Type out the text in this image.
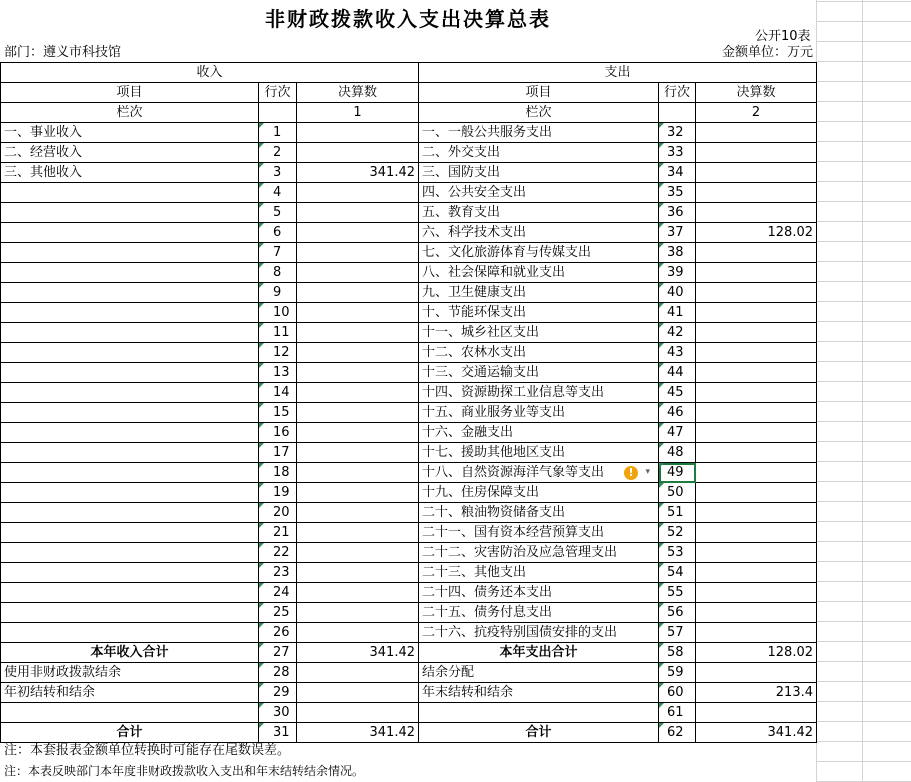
非财政拨款收入支出决算总表
公开10表
部门：遵义市科技馆	金额单位：万元
收入			支出		
项目	行次	决算数	项目	行次	决算数
栏次		1	栏次		2
一、事业收入	1		一、一般公共服务支出	32	
二、经营收入	2		二、外交支出	33	
三、其他收入	3	341.42	三、国防支出	34	
	4		四、公共安全支出	35	
	5		五、教育支出	36	
	6		六、科学技术支出	37	128.02
	7		七、文化旅游体育与传媒支出	38	
	8		八、社会保障和就业支出	39	
	9		九、卫生健康支出	40	
	10		十、节能环保支出	41	
	11		十一、城乡社区支出	42	
	12		十二、农林水支出	43	
	13		十三、交通运输支出	44	
	14		十四、资源勘探工业信息等支出	45	
	15		十五、商业服务业等支出	46	
	16		十六、金融支出	47	
	17		十七、援助其他地区支出	48	
	18		十八、自然资源海洋气象等支出 ! ▾	49	
	19		十九、住房保障支出	50	
	20		二十、粮油物资储备支出	51	
	21		二十一、国有资本经营预算支出	52	
	22		二十二、灾害防治及应急管理支出	53	
	23		二十三、其他支出	54	
	24		二十四、债务还本支出	55	
	25		二十五、债务付息支出	56	
	26		二十六、抗疫特别国债安排的支出	57	
本年收入合计	27	341.42	本年支出合计	58	128.02
使用非财政拨款结余	28		结余分配	59	
年初结转和结余	29		年末结转和结余	60	213.4
	30			61	
合计	31	341.42	合计	62	341.42
注：本套报表金额单位转换时可能存在尾数误差。
注：本表反映部门本年度非财政拨款收入支出和年末结转结余情况。
